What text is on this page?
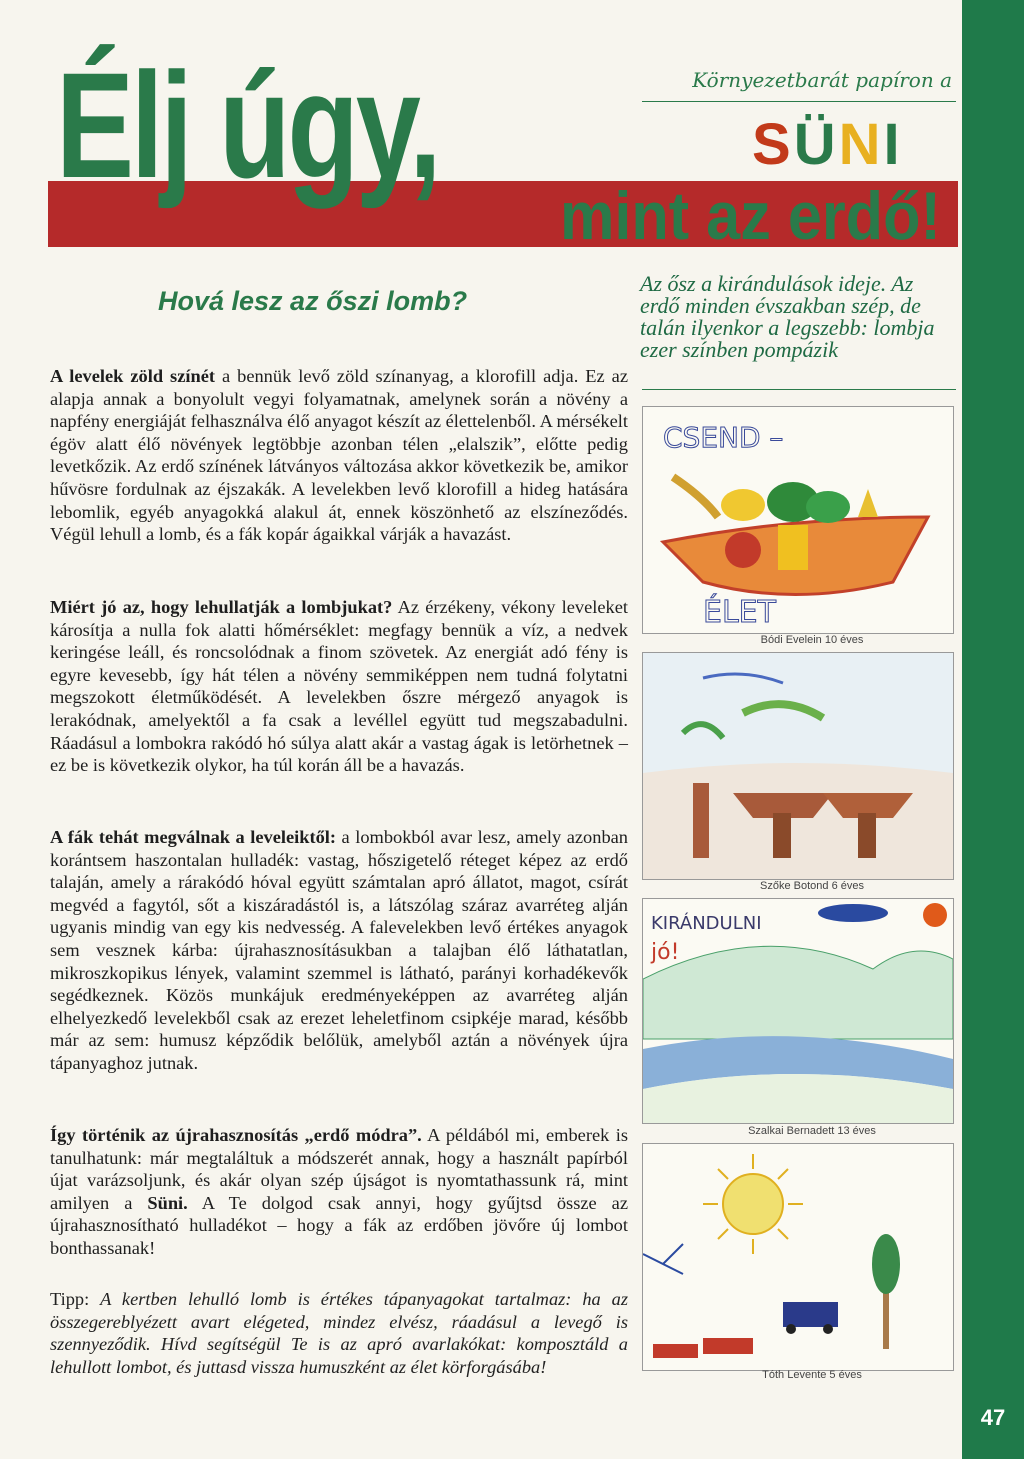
47
Élj úgy,
mint az erdő!
Környezetbarát papíron a
SÜNI
Hová lesz az őszi lomb?
A levelek zöld színét a bennük levő zöld színanyag, a klorofill adja. Ez az alapja annak a bonyolult vegyi folyamatnak, amelynek során a növény a napfény energiáját felhasználva élő anyagot készít az élettelenből. A mérsékelt égöv alatt élő növények legtöbbje azonban télen „elalszik”, előtte pedig levetkőzik. Az erdő színének látványos változása akkor következik be, amikor hűvösre fordulnak az éjszakák. A levelekben levő klorofill a hideg hatására lebomlik, egyéb anyagokká alakul át, ennek köszönhető az elszíneződés. Végül lehull a lomb, és a fák kopár ágaikkal várják a havazást.
Miért jó az, hogy lehullatják a lombjukat? Az érzékeny, vékony leveleket károsítja a nulla fok alatti hőmérséklet: megfagy bennük a víz, a nedvek keringése leáll, és roncsolódnak a finom szövetek. Az energiát adó fény is egyre kevesebb, így hát télen a növény semmiképpen nem tudná folytatni megszokott életműködését. A levelekben őszre mérgező anyagok is lerakódnak, amelyektől a fa csak a levéllel együtt tud megszabadulni. Ráadásul a lombokra rakódó hó súlya alatt akár a vastag ágak is letörhetnek – ez be is következik olykor, ha túl korán áll be a havazás.
A fák tehát megválnak a leveleiktől: a lombokból avar lesz, amely azonban korántsem haszontalan hulladék: vastag, hőszigetelő réteget képez az erdő talaján, amely a rárakódó hóval együtt számtalan apró állatot, magot, csírát megvéd a fagytól, sőt a kiszáradástól is, a látszólag száraz avarréteg alján ugyanis mindig van egy kis nedvesség. A falevelekben levő értékes anyagok sem vesznek kárba: újrahasznosításukban a talajban élő láthatatlan, mikroszkopikus lények, valamint szemmel is látható, parányi korhadékevők segédkeznek. Közös munkájuk eredményeképpen az avarréteg alján elhelyezkedő levelekből csak az erezet leheletfinom csipkéje marad, később már az sem: humusz képződik belőlük, amelyből aztán a növények újra tápanyaghoz jutnak.
Így történik az újrahasznosítás „erdő módra”. A példából mi, emberek is tanulhatunk: már megtaláltuk a módszerét annak, hogy a használt papírból újat varázsoljunk, és akár olyan szép újságot is nyomtathassunk rá, mint amilyen a Süni. A Te dolgod csak annyi, hogy gyűjtsd össze az újrahasznosítható hulladékot – hogy a fák az erdőben jövőre új lombot bonthassanak!
Tipp: A kertben lehulló lomb is értékes tápanyagokat tartalmaz: ha az összegereblyézett avart elégeted, mindez elvész, ráadásul a levegő is szennyeződik. Hívd segítségül Te is az apró avarlakókat: komposztáld a lehullott lombot, és juttasd vissza humuszként az élet körforgásába!
Az ősz a kirándulások ideje. Az erdő minden évszakban szép, de talán ilyenkor a legszebb: lombja ezer színben pompázik
CSEND –
ÉLET
Bódi Evelein 10 éves
Szőke Botond 6 éves
KIRÁNDULNI
jó!
Szalkai Bernadett 13 éves
Tóth Levente 5 éves
